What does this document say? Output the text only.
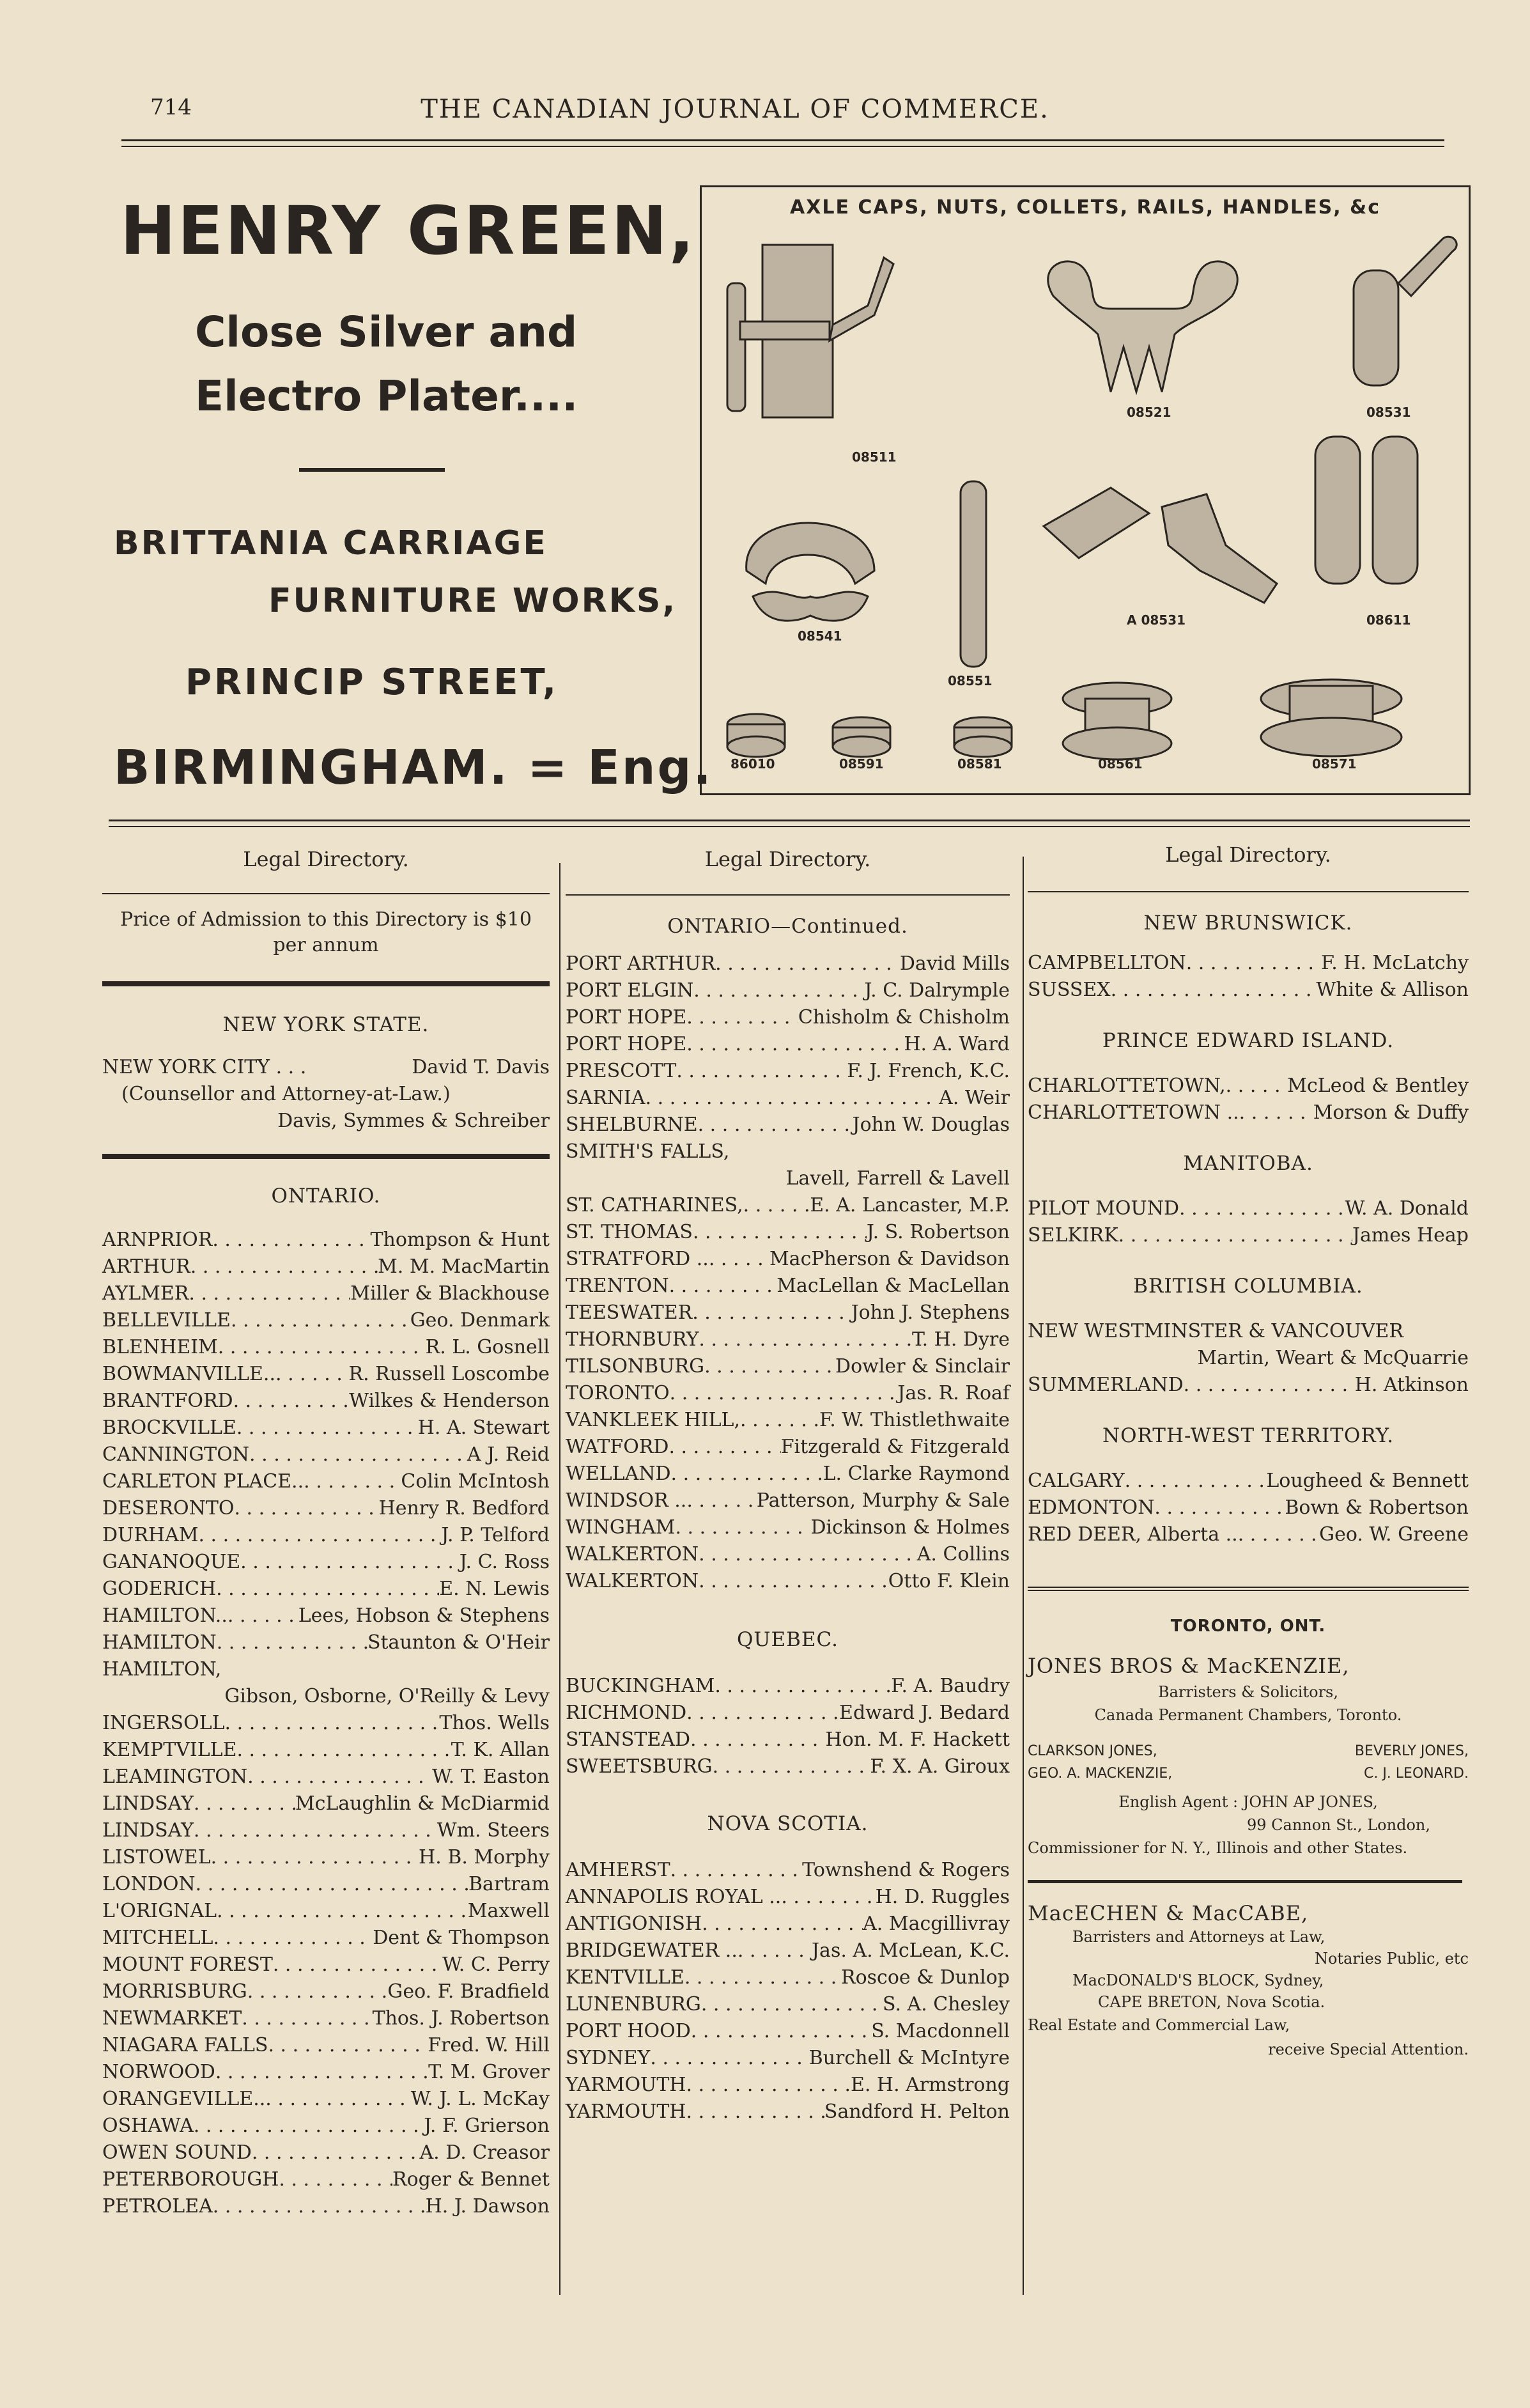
714	THE CANADIAN JOURNAL OF COMMERCE.
HENRY GREEN,
Close Silver and
Electro Plater....
BRITTANIA CARRIAGE
FURNITURE WORKS,
PRINCIP STREET,
BIRMINGHAM. = Eng.
AXLE CAPS, NUTS, COLLETS, RAILS, HANDLES, &c
08511
08521	08531
08541
08551
A 08531	08611
86010	08591	08581	08561	08571
Legal Directory.
Price of Admission to this Directory is $10 per annum
NEW YORK STATE.
NEW YORK CITY . . .	David T. Davis
(Counsellor and Attorney-at-Law.)
Davis, Symmes & Schreiber
ONTARIO.
ARNPRIOR . . .	Thompson & Hunt
ARTHUR . . .	M. M. MacMartin
AYLMER . . .	Miller & Blackhouse
BELLEVILLE . . .	Geo. Denmark
BLENHEIM . . .	R. L. Gosnell
BOWMANVILLE.. . . .	R. Russell Loscombe
BRANTFORD . . .	Wilkes & Henderson
BROCKVILLE . . .	H. A. Stewart
CANNINGTON . . .	A J. Reid
CARLETON PLACE.. . . .	Colin McIntosh
DESERONTO . . .	Henry R. Bedford
DURHAM . . .	J. P. Telford
GANANOQUE . . .	J. C. Ross
GODERICH . . .	E. N. Lewis
HAMILTON.. . . .	Lees, Hobson & Stephens
HAMILTON . . .	Staunton & O'Heir
HAMILTON,
Gibson, Osborne, O'Reilly & Levy
INGERSOLL . . .	Thos. Wells
KEMPTVILLE . . .	T. K. Allan
LEAMINGTON . . .	W. T. Easton
LINDSAY . . .	McLaughlin & McDiarmid
LINDSAY . . .	Wm. Steers
LISTOWEL . . .	H. B. Morphy
LONDON . . .	Bartram
L'ORIGNAL . . .	Maxwell
MITCHELL . . .	Dent & Thompson
MOUNT FOREST . . .	W. C. Perry
MORRISBURG . . .	Geo. F. Bradfield
NEWMARKET . . .	Thos. J. Robertson
NIAGARA FALLS . . .	Fred. W. Hill
NORWOOD . . .	T. M. Grover
ORANGEVILLE.. . . .	W. J. L. McKay
OSHAWA . . .	J. F. Grierson
OWEN SOUND . . .	A. D. Creasor
PETERBOROUGH . . .	Roger & Bennet
PETROLEA . . .	H. J. Dawson
Legal Directory.
ONTARIO—Continued.
PORT ARTHUR . . .	David Mills
PORT ELGIN . . .	J. C. Dalrymple
PORT HOPE . . .	Chisholm & Chisholm
PORT HOPE . . .	H. A. Ward
PRESCOTT . . .	F. J. French, K.C.
SARNIA . . .	A. Weir
SHELBURNE . . .	John W. Douglas
SMITH'S FALLS,
Lavell, Farrell & Lavell
ST. CATHARINES, . . .	E. A. Lancaster, M.P.
ST. THOMAS . . .	J. S. Robertson
STRATFORD .. . . .	MacPherson & Davidson
TRENTON . . .	MacLellan & MacLellan
TEESWATER . . .	John J. Stephens
THORNBURY . . .	T. H. Dyre
TILSONBURG . . .	Dowler & Sinclair
TORONTO . . .	Jas. R. Roaf
VANKLEEK HILL, . . .	F. W. Thistlethwaite
WATFORD . . .	Fitzgerald & Fitzgerald
WELLAND . . .	L. Clarke Raymond
WINDSOR .. . . .	Patterson, Murphy & Sale
WINGHAM . . .	Dickinson & Holmes
WALKERTON . . .	A. Collins
WALKERTON . . .	Otto F. Klein
QUEBEC.
BUCKINGHAM . . .	F. A. Baudry
RICHMOND . . .	Edward J. Bedard
STANSTEAD . . .	Hon. M. F. Hackett
SWEETSBURG . . .	F. X. A. Giroux
NOVA SCOTIA.
AMHERST . . .	Townshend & Rogers
ANNAPOLIS ROYAL .. . . .	H. D. Ruggles
ANTIGONISH . . .	A. Macgillivray
BRIDGEWATER .. . . .	Jas. A. McLean, K.C.
KENTVILLE . . .	Roscoe & Dunlop
LUNENBURG . . .	S. A. Chesley
PORT HOOD . . .	S. Macdonnell
SYDNEY . . .	Burchell & McIntyre
YARMOUTH . . .	E. H. Armstrong
YARMOUTH . . .	Sandford H. Pelton
Legal Directory.
NEW BRUNSWICK.
CAMPBELLTON . . .	F. H. McLatchy
SUSSEX . . .	White & Allison
PRINCE EDWARD ISLAND.
CHARLOTTETOWN, . . .	McLeod & Bentley
CHARLOTTETOWN .. . . .	Morson & Duffy
MANITOBA.
PILOT MOUND . . .	W. A. Donald
SELKIRK . . .	James Heap
BRITISH COLUMBIA.
NEW WESTMINSTER & VANCOUVER
Martin, Weart & McQuarrie
SUMMERLAND . . .	H. Atkinson
NORTH-WEST TERRITORY.
CALGARY . . .	Lougheed & Bennett
EDMONTON . . .	Bown & Robertson
RED DEER, Alberta .. . . .	Geo. W. Greene
TORONTO, ONT.
JONES BROS & MacKENZIE,
Barristers & Solicitors,
Canada Permanent Chambers, Toronto.
CLARKSON JONES,	BEVERLY JONES,
GEO. A. MACKENZIE,	C. J. LEONARD.
English Agent : JOHN AP JONES,
99 Cannon St., London,
Commissioner for N. Y., Illinois and other States.
MacECHEN & MacCABE,
Barristers and Attorneys at Law,
Notaries Public, etc
MacDONALD'S BLOCK, Sydney,
CAPE BRETON, Nova Scotia.
Real Estate and Commercial Law,
receive Special Attention.
